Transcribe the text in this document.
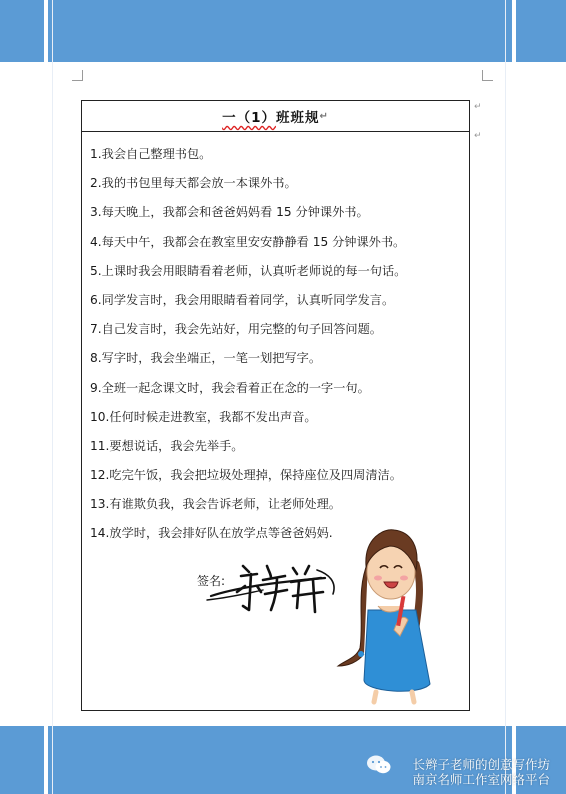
↵
↵
一（1） 班班规 ↵
1.我会自己整理书包。
2.我的书包里每天都会放一本课外书。
3.每天晚上，我都会和爸爸妈妈看 15 分钟课外书。
4.每天中午，我都会在教室里安安静静看 15 分钟课外书。
5.上课时我会用眼睛看着老师，认真听老师说的每一句话。
6.同学发言时，我会用眼睛看着同学，认真听同学发言。
7.自己发言时，我会先站好，用完整的句子回答问题。
8.写字时，我会坐端正，一笔一划把写字。
9.全班一起念课文时，我会看着正在念的一字一句。
10.任何时候走进教室，我都不发出声音。
11.要想说话，我会先举手。
12.吃完午饭，我会把垃圾处理掉，保持座位及四周清洁。
13.有谁欺负我，我会告诉老师，让老师处理。
14.放学时，我会排好队在放学点等爸爸妈妈.
签名:
长辫子老师的创意写作坊
南京名师工作室网络平台
